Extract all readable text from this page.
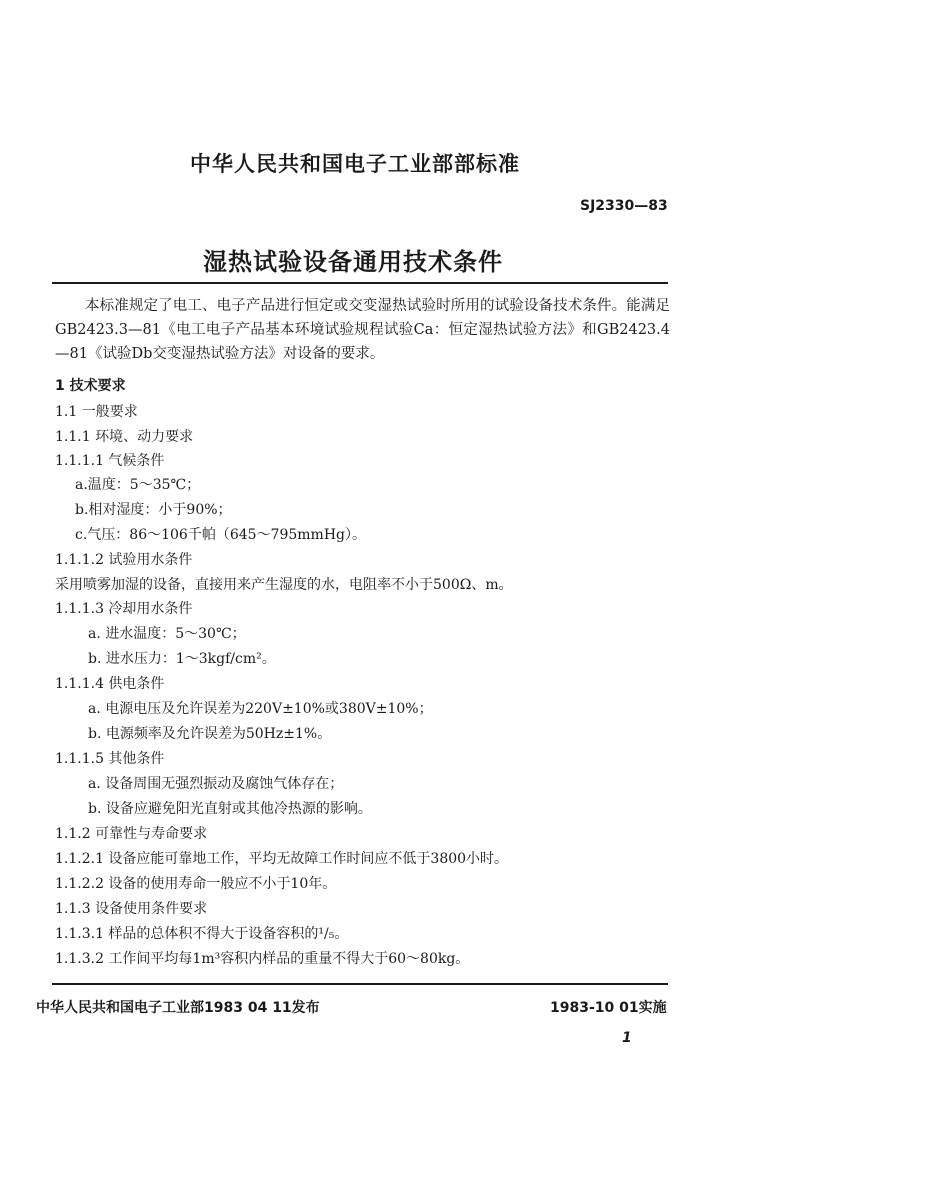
中华人民共和国电子工业部部标准
SJ2330—83
湿热试验设备通用技术条件
本标准规定了电工、电子产品进行恒定或交变湿热试验时所用的试验设备技术条件。能满足GB2423.3—81《电工电子产品基本环境试验规程试验Ca：恒定湿热试验方法》和GB2423.4—81《试验Db交变湿热试验方法》对设备的要求。
1 技术要求
1.1 一般要求
1.1.1 环境、动力要求
1.1.1.1 气候条件
a.温度：5～35℃；
b.相对湿度：小于90%；
c.气压：86～106千帕（645～795mmHg）。
1.1.1.2 试验用水条件
采用喷雾加湿的设备，直接用来产生湿度的水，电阻率不小于500Ω、m。
1.1.1.3 冷却用水条件
a. 进水温度：5～30℃；
b. 进水压力：1～3kgf/cm²。
1.1.1.4 供电条件
a. 电源电压及允许误差为220V±10%或380V±10%；
b. 电源频率及允许误差为50Hz±1%。
1.1.1.5 其他条件
a. 设备周围无强烈振动及腐蚀气体存在；
b. 设备应避免阳光直射或其他冷热源的影响。
1.1.2 可靠性与寿命要求
1.1.2.1 设备应能可靠地工作，平均无故障工作时间应不低于3800小时。
1.1.2.2 设备的使用寿命一般应不小于10年。
1.1.3 设备使用条件要求
1.1.3.1 样品的总体积不得大于设备容积的¹/₅。
1.1.3.2 工作间平均每1m³容积内样品的重量不得大于60～80kg。
中华人民共和国电子工业部1983 04 11发布	1983-10 01实施
1
